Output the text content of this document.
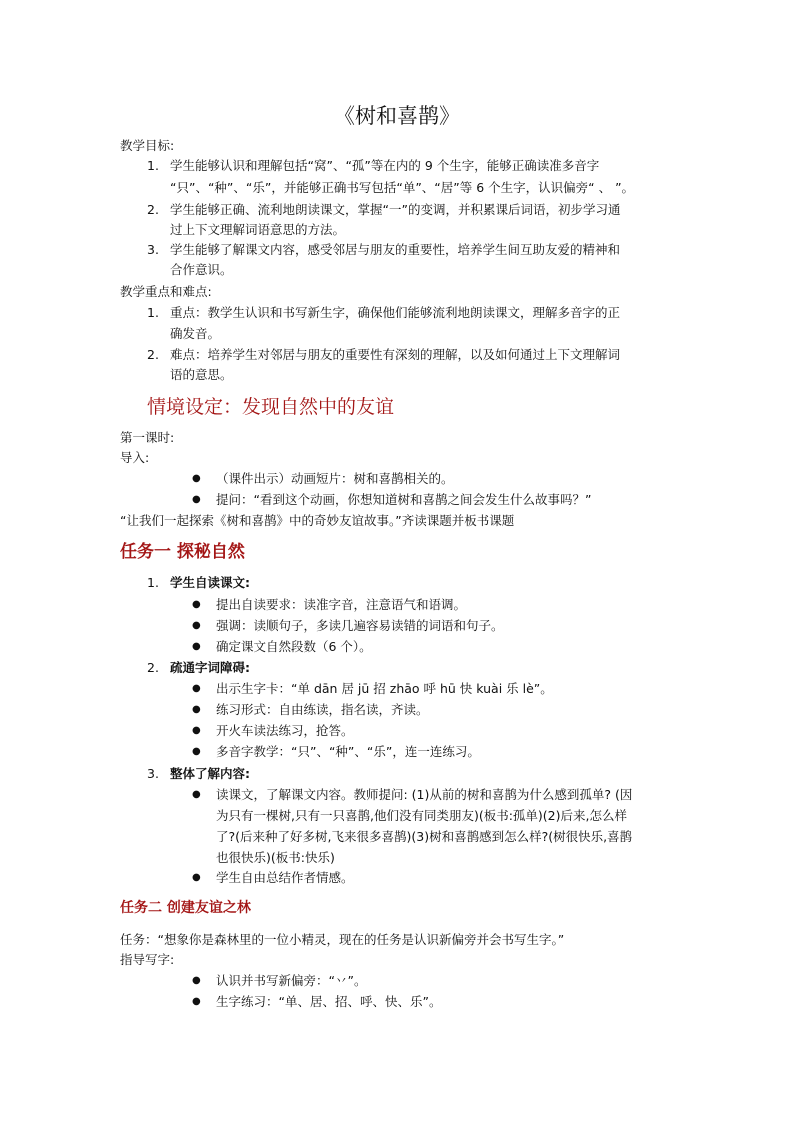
《树和喜鹊》
教学目标:
1. 学生能够认识和理解包括“窝”、“孤”等在内的 9 个生字，能够正确读准多音字
“只”、“种”、“乐”，并能够正确书写包括“单”、“居”等 6 个生字，认识偏旁“ 、 ”。
2. 学生能够正确、流利地朗读课文，掌握“一”的变调，并积累课后词语，初步学习通
过上下文理解词语意思的方法。
3. 学生能够了解课文内容，感受邻居与朋友的重要性，培养学生间互助友爱的精神和
合作意识。
教学重点和难点:
1. 重点：教学生认识和书写新生字，确保他们能够流利地朗读课文，理解多音字的正
确发音。
2. 难点：培养学生对邻居与朋友的重要性有深刻的理解，以及如何通过上下文理解词
语的意思。
情境设定：发现自然中的友谊
第一课时:
导入:
● （课件出示）动画短片：树和喜鹊相关的。
● 提问：“看到这个动画，你想知道树和喜鹊之间会发生什么故事吗？”
“让我们一起探索《树和喜鹊》中的奇妙友谊故事。”齐读课题并板书课题
任务一 探秘自然
1. 学生自读课文:
● 提出自读要求：读准字音，注意语气和语调。
● 强调：读顺句子，多读几遍容易读错的词语和句子。
● 确定课文自然段数（6 个）。
2. 疏通字词障碍:
● 出示生字卡：“单 dān 居 jū 招 zhāo 呼 hū 快 kuài 乐 lè”。
● 练习形式：自由练读，指名读，齐读。
● 开火车读法练习，抢答。
● 多音字教学：“只”、“种”、“乐”，连一连练习。
3. 整体了解内容:
● 读课文，了解课文内容。教师提问: (1)从前的树和喜鹊为什么感到孤单? (因
为只有一棵树,只有一只喜鹊,他们没有同类朋友)(板书:孤单)(2)后来,怎么样
了?(后来种了好多树,飞来很多喜鹊)(3)树和喜鹊感到怎么样?(树很快乐,喜鹊
也很快乐)(板书:快乐)
● 学生自由总结作者情感。
任务二 创建友谊之林
任务：“想象你是森林里的一位小精灵，现在的任务是认识新偏旁并会书写生字。”
指导写字:
● 认识并书写新偏旁：“丷”。
● 生字练习：“单、居、招、呼、快、乐”。
